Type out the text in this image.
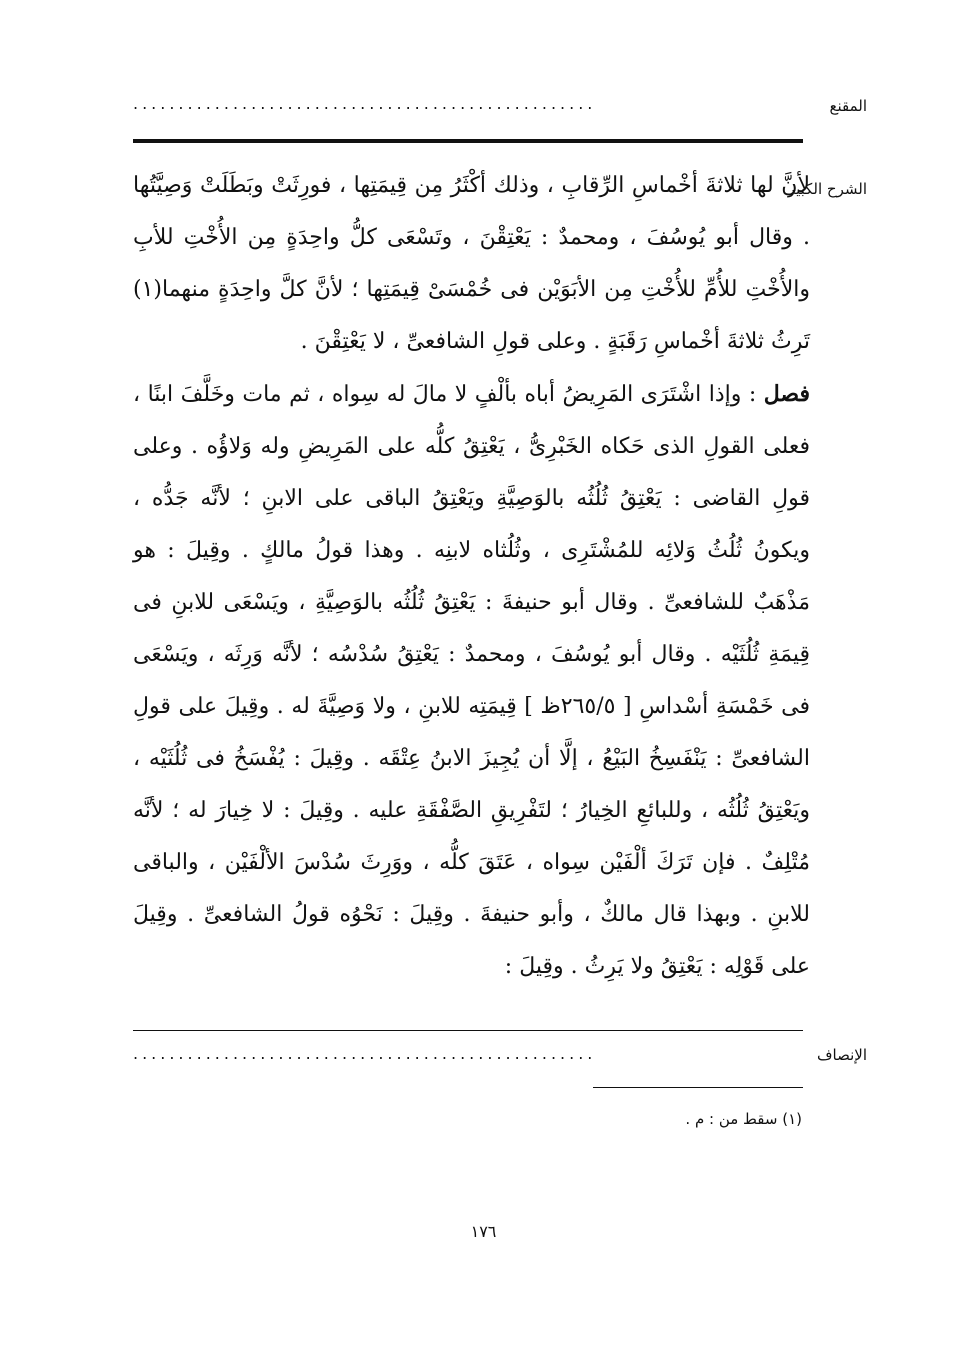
المقنع
...................................................
الشرح الكبير

لأنَّ لها ثلاثةَ أخْماسِ الرِّقابِ ، وذلك أكْثَرُ مِن قِيمَتِها ، فورِثَتْ وبَطَلَتْ وَصِيَّتُها . وقال أبو يُوسُفَ ، ومحمدٌ : يَعْتِقْنَ ، وتَسْعَى كلُّ واحِدَةٍ مِن الأُخْتِ للأبِ والأُخْتِ للأُمِّ للأُخْتِ مِن الأبَوَيْن فى خُمْسَىْ قِيمَتِها ؛ لأنَّ كلَّ واحِدَةٍ منهما(١) تَرِثُ ثلاثةَ أخْماسِ رَقَبَةٍ . وعلى قولِ الشافعىِّ ، لا يَعْتِقْنَ .

فصل : وإذا اشْتَرَى المَرِيضُ أباه بألْفٍ لا مالَ له سِواه ، ثم مات وخَلَّفَ ابنًا ، فعلى القولِ الذى حَكاه الخَبْرِىُّ ، يَعْتِقُ كلُّه على المَرِيضِ وله وَلاؤُه . وعلى قولِ القاضى : يَعْتِقُ ثُلُثُه بالوَصِيَّةِ ويَعْتِقُ الباقى على الابنِ ؛ لأنَّه جَدُّه ، ويكونُ ثُلُثُ وَلائِه للمُشْتَرِى ، وثُلُثاه لابنِه . وهذا قولُ مالكٍ . وقِيلَ : هو مَذْهَبٌ للشافعىِّ . وقال أبو حنيفةَ : يَعْتِقُ ثُلُثُه بالوَصِيَّةِ ، ويَسْعَى للابنِ فى قِيمَةِ ثُلُثَيْه . وقال أبو يُوسُفَ ، ومحمدٌ : يَعْتِقُ سُدْسُه ؛ لأنَّه وَرِثَه ، ويَسْعَى فى خَمْسَةِ أسْداسِ [ ٢٦٥/٥ظ ] قِيمَتِه للابنِ ، ولا وَصِيَّةَ له . وقِيلَ على قولِ الشافعىِّ : يَنْفَسِخُ البَيْعُ ، إلَّا أن يُجِيزَ الابنُ عِتْقَه . وقِيلَ : يُفْسَخُ فى ثُلُثَيْه ، ويَعْتِقُ ثُلُثُه ، وللبائعِ الخِيارُ ؛ لتَفْرِيقِ الصَّفْقَةِ عليه . وقِيلَ : لا خِيارَ له ؛ لأنَّه مُتْلِفٌ . فإن تَرَكَ ألْفَيْن سِواه ، عَتَقَ كلُّه ، ووَرِثَ سُدْسَ الألْفَيْن ، والباقى للابنِ . وبهذا قال مالكٌ ، وأبو حنيفةَ . وقِيلَ : نَحْوُه قولُ الشافعىِّ . وقِيلَ على قَوْلِه : يَعْتِقُ ولا يَرِثُ . وقِيلَ :

الإنصاف
...................................................
(١) سقط من : م .
١٧٦
